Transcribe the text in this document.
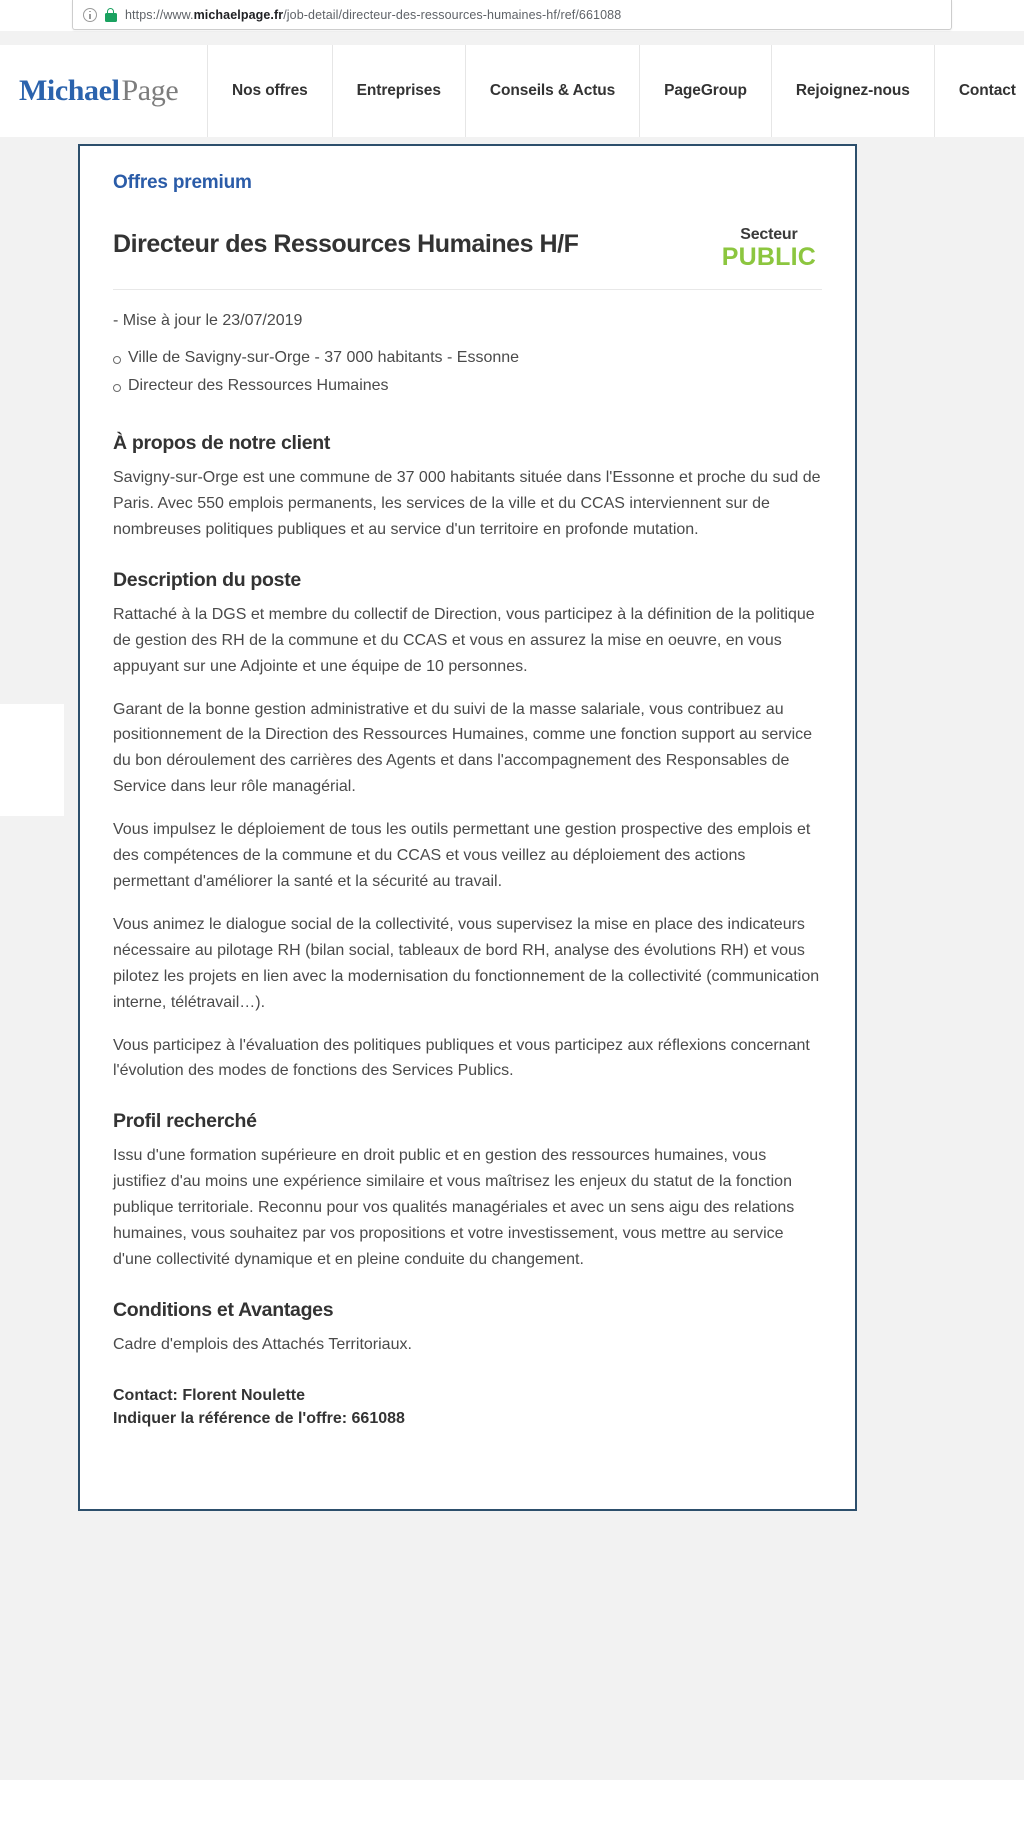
https://www.michaelpage.fr/job-detail/directeur-des-ressources-humaines-hf/ref/661088
MichaelPage	Nos offres	Entreprises	Conseils & Actus	PageGroup	Rejoignez-nous	Contact
Offres premium
Directeur des Ressources Humaines H/F	Secteur
PUBLIC
- Mise à jour le 23/07/2019
Ville de Savigny-sur-Orge - 37 000 habitants - Essonne
Directeur des Ressources Humaines
À propos de notre client

Savigny-sur-Orge est une commune de 37 000 habitants située dans l'Essonne et proche du sud de Paris. Avec 550 emplois permanents, les services de la ville et du CCAS interviennent sur de nombreuses politiques publiques et au service d'un territoire en profonde mutation.

Description du poste

Rattaché à la DGS et membre du collectif de Direction, vous participez à la définition de la politique de gestion des RH de la commune et du CCAS et vous en assurez la mise en oeuvre, en vous appuyant sur une Adjointe et une équipe de 10 personnes.

Garant de la bonne gestion administrative et du suivi de la masse salariale, vous contribuez au positionnement de la Direction des Ressources Humaines, comme une fonction support au service du bon déroulement des carrières des Agents et dans l'accompagnement des Responsables de Service dans leur rôle managérial.

Vous impulsez le déploiement de tous les outils permettant une gestion prospective des emplois et des compétences de la commune et du CCAS et vous veillez au déploiement des actions permettant d'améliorer la santé et la sécurité au travail.

Vous animez le dialogue social de la collectivité, vous supervisez la mise en place des indicateurs nécessaire au pilotage RH (bilan social, tableaux de bord RH, analyse des évolutions RH) et vous pilotez les projets en lien avec la modernisation du fonctionnement de la collectivité (communication interne, télétravail…).

Vous participez à l'évaluation des politiques publiques et vous participez aux réflexions concernant l'évolution des modes de fonctions des Services Publics.

Profil recherché

Issu d'une formation supérieure en droit public et en gestion des ressources humaines, vous justifiez d'au moins une expérience similaire et vous maîtrisez les enjeux du statut de la fonction publique territoriale. Reconnu pour vos qualités managériales et avec un sens aigu des relations humaines, vous souhaitez par vos propositions et votre investissement, vous mettre au service d'une collectivité dynamique et en pleine conduite du changement.

Conditions et Avantages

Cadre d'emplois des Attachés Territoriaux.

Contact: Florent Noulette
Indiquer la référence de l'offre: 661088
